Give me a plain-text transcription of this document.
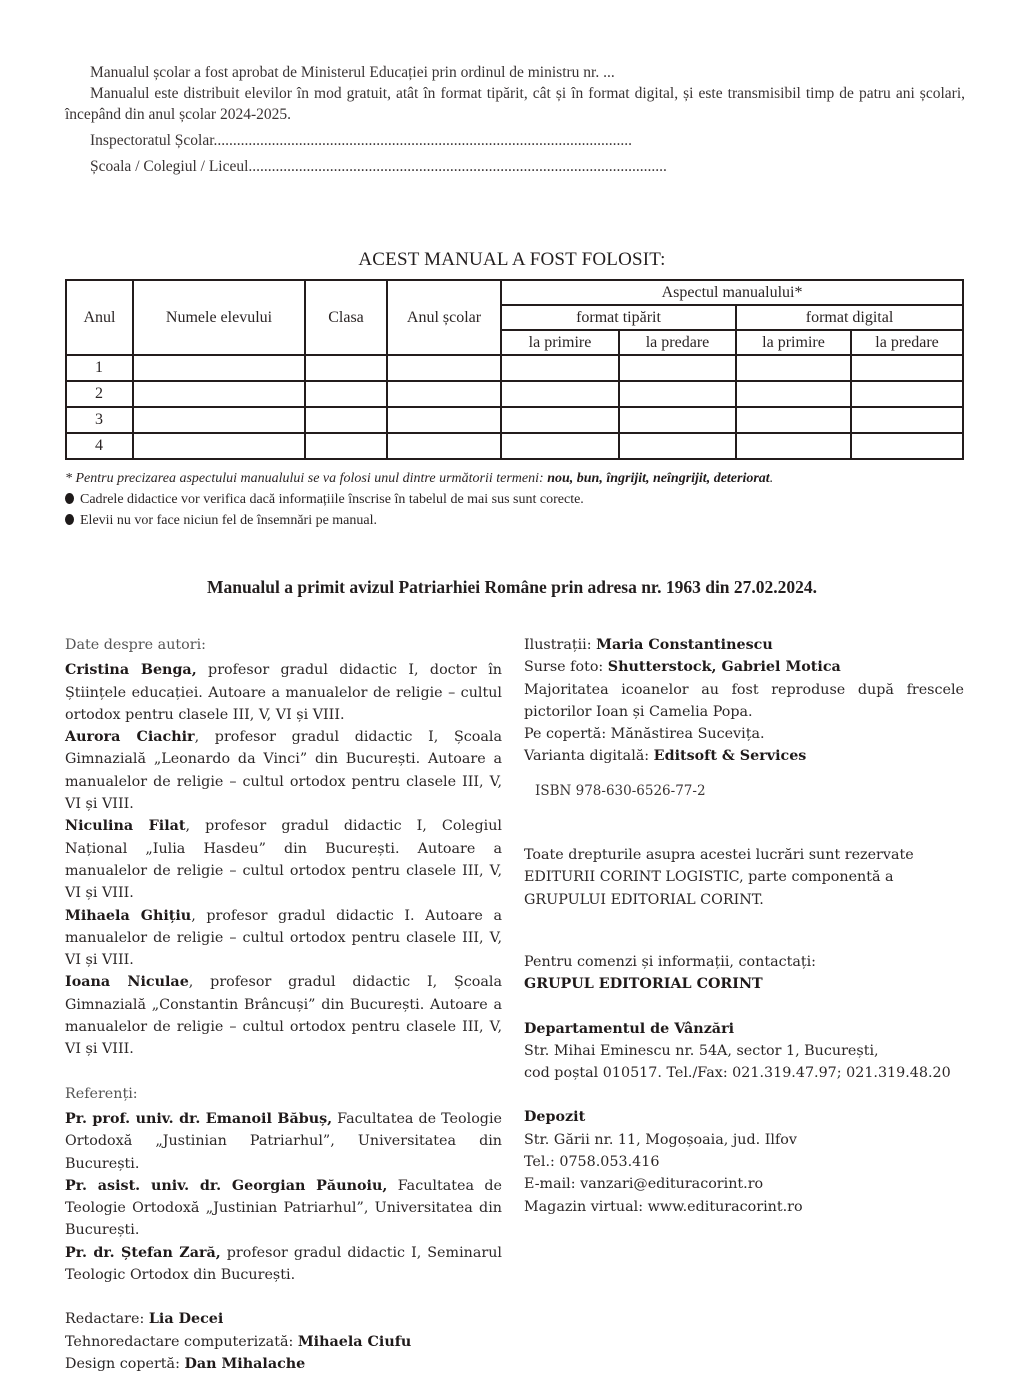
Manualul școlar a fost aprobat de Ministerul Educației prin ordinul de ministru nr. ...

Manualul este distribuit elevilor în mod gratuit, atât în format tipărit, cât și în format digital, și este transmisibil timp de patru ani școlari, începând din anul școlar 2024-2025.

Inspectoratul Școlar............................................................................................................

Școala / Colegiul / Liceul............................................................................................................

ACEST MANUAL A FOST FOLOSIT:
Anul	Numele elevului	Clasa	Anul școlar	Aspectul manualului*			
				format tipărit		format digital	
				la primire	la predare	la primire	la predare
1							
2							
3							
4							
* Pentru precizarea aspectului manualului se va folosi unul dintre următorii termeni: nou, bun, îngrijit, neîngrijit, deteriorat.
Cadrele didactice vor verifica dacă informațiile înscrise în tabelul de mai sus sunt corecte.
Elevii nu vor face niciun fel de însemnări pe manual.
Manualul a primit avizul Patriarhiei Române prin adresa nr. 1963 din 27.02.2024.

Date despre autori:

Cristina Benga, profesor gradul didactic I, doctor în Științele educației. Autoare a manualelor de religie – cultul ortodox pentru clasele III, V, VI și VIII.

Aurora Ciachir, profesor gradul didactic I, Școala Gimnazială „Leonardo da Vinci” din București. Autoare a manualelor de religie – cultul ortodox pentru clasele III, V, VI și VIII.

Niculina Filat, profesor gradul didactic I, Colegiul Național „Iulia Hasdeu” din București. Autoare a manualelor de religie – cultul ortodox pentru clasele III, V, VI și VIII.

Mihaela Ghițiu, profesor gradul didactic I. Autoare a manualelor de religie – cultul ortodox pentru clasele III, V, VI și VIII.

Ioana Niculae, profesor gradul didactic I, Școala Gimnazială „Constantin Brâncuși” din București. Autoare a manualelor de religie – cultul ortodox pentru clasele III, V, VI și VIII.

Referenți:

Pr. prof. univ. dr. Emanoil Băbuș, Facultatea de Teologie Ortodoxă „Justinian Patriarhul”, Universitatea din București.

Pr. asist. univ. dr. Georgian Păunoiu, Facultatea de Teologie Ortodoxă „Justinian Patriarhul”, Universitatea din București.

Pr. dr. Ștefan Zară, profesor gradul didactic I, Seminarul Teologic Ortodox din București.

Redactare: Lia Decei

Tehnoredactare computerizată: Mihaela Ciufu

Design copertă: Dan Mihalache

Ilustrații: Maria Constantinescu

Surse foto: Shutterstock, Gabriel Motica

Majoritatea icoanelor au fost reproduse după frescele pictorilor Ioan și Camelia Popa.

Pe copertă: Mănăstirea Sucevița.

Varianta digitală: Editsoft & Services

ISBN 978-630-6526-77-2

Toate drepturile asupra acestei lucrări sunt rezervate

EDITURII CORINT LOGISTIC, parte componentă a

GRUPULUI EDITORIAL CORINT.

Pentru comenzi și informații, contactați:

GRUPUL EDITORIAL CORINT

Departamentul de Vânzări

Str. Mihai Eminescu nr. 54A, sector 1, București,

cod poștal 010517. Tel./Fax: 021.319.47.97; 021.319.48.20

Depozit

Str. Gării nr. 11, Mogoșoaia, jud. Ilfov

Tel.: 0758.053.416

E-mail: vanzari@edituracorint.ro

Magazin virtual: www.edituracorint.ro
